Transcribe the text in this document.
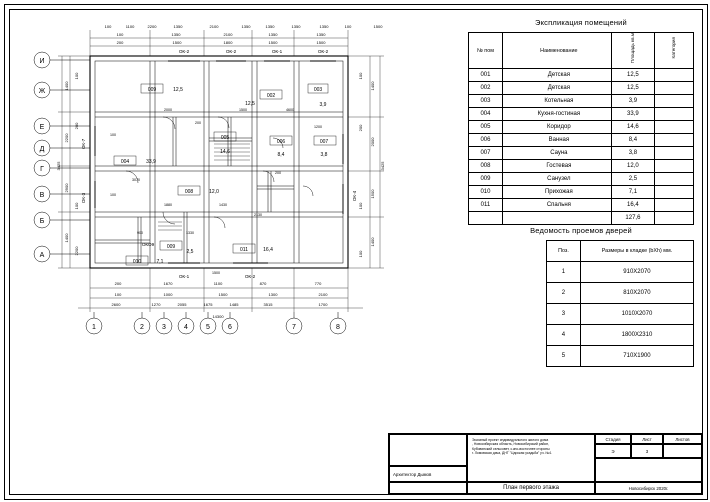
И
Ж
Е
Д
Г
В
Б
А
1	2	3	4	5	6	7	8
009	12,5
002
12,5
003
3,9
004	33,9
005
14,6
006
8,4
007
3,8
008	12,0
009
2,5
010	7,1
011	16,4
ОК-2	ОК-2	ОК-1	ОК-2
ОК-1	ОК-2
ОКО9
ОК-7
ОК-3	ОК-4
100	1100	2200	1350	2100	1350	1350	1350	1350	100	1500
100	1350	2100	1350	1350
200	1500	1800	1500	1500
200	1670	1100	870	770
100	1000	1500	1300	2100
2600	1270	2055	1675	1485	3515	1700
14300
1400
2200
2900
1400
3425
100
200
100
2200
1400
2000
1500
1400
3425
100
200
100
100
2000	1500	4600
1200
3070
1880	1430
2130
900	1330
1500
100
100
200
200
Экспликация помещений
№ пом	Наименование	Площадь кв.м	Категория
001	Детская	12,5	
002	Детская	12,5	
003	Котельная	3,9	
004	Кухня-гостиная	33,9	
005	Коридор	14,6	
006	Ванная	8,4	
007	Сауна	3,8	
008	Гостевая	12,0	
009	Санузел	2,5	
010	Прихожая	7,1	
011	Спальня	16,4	
		127,6	
Ведомость проемов дверей
Поз.	Размеры в кладке (bXh) мм.
1	910Х2070
2	810Х2070
3	1010Х2070
4	1800Х2310
5	710Х1900
Архитектор Дымов
Эскизный проект индивидуального жилого дома
, Новосибирская область, Новосибирский район,
Кубовинский сельсовет, с.кпо-восточнее стороны
г. Ломовская дача, ДНТ "Царская усадьба" уч. №4.
Стадия	Лист	Листов
Э	3
План первого этажа	Новосибирск 2020г.
